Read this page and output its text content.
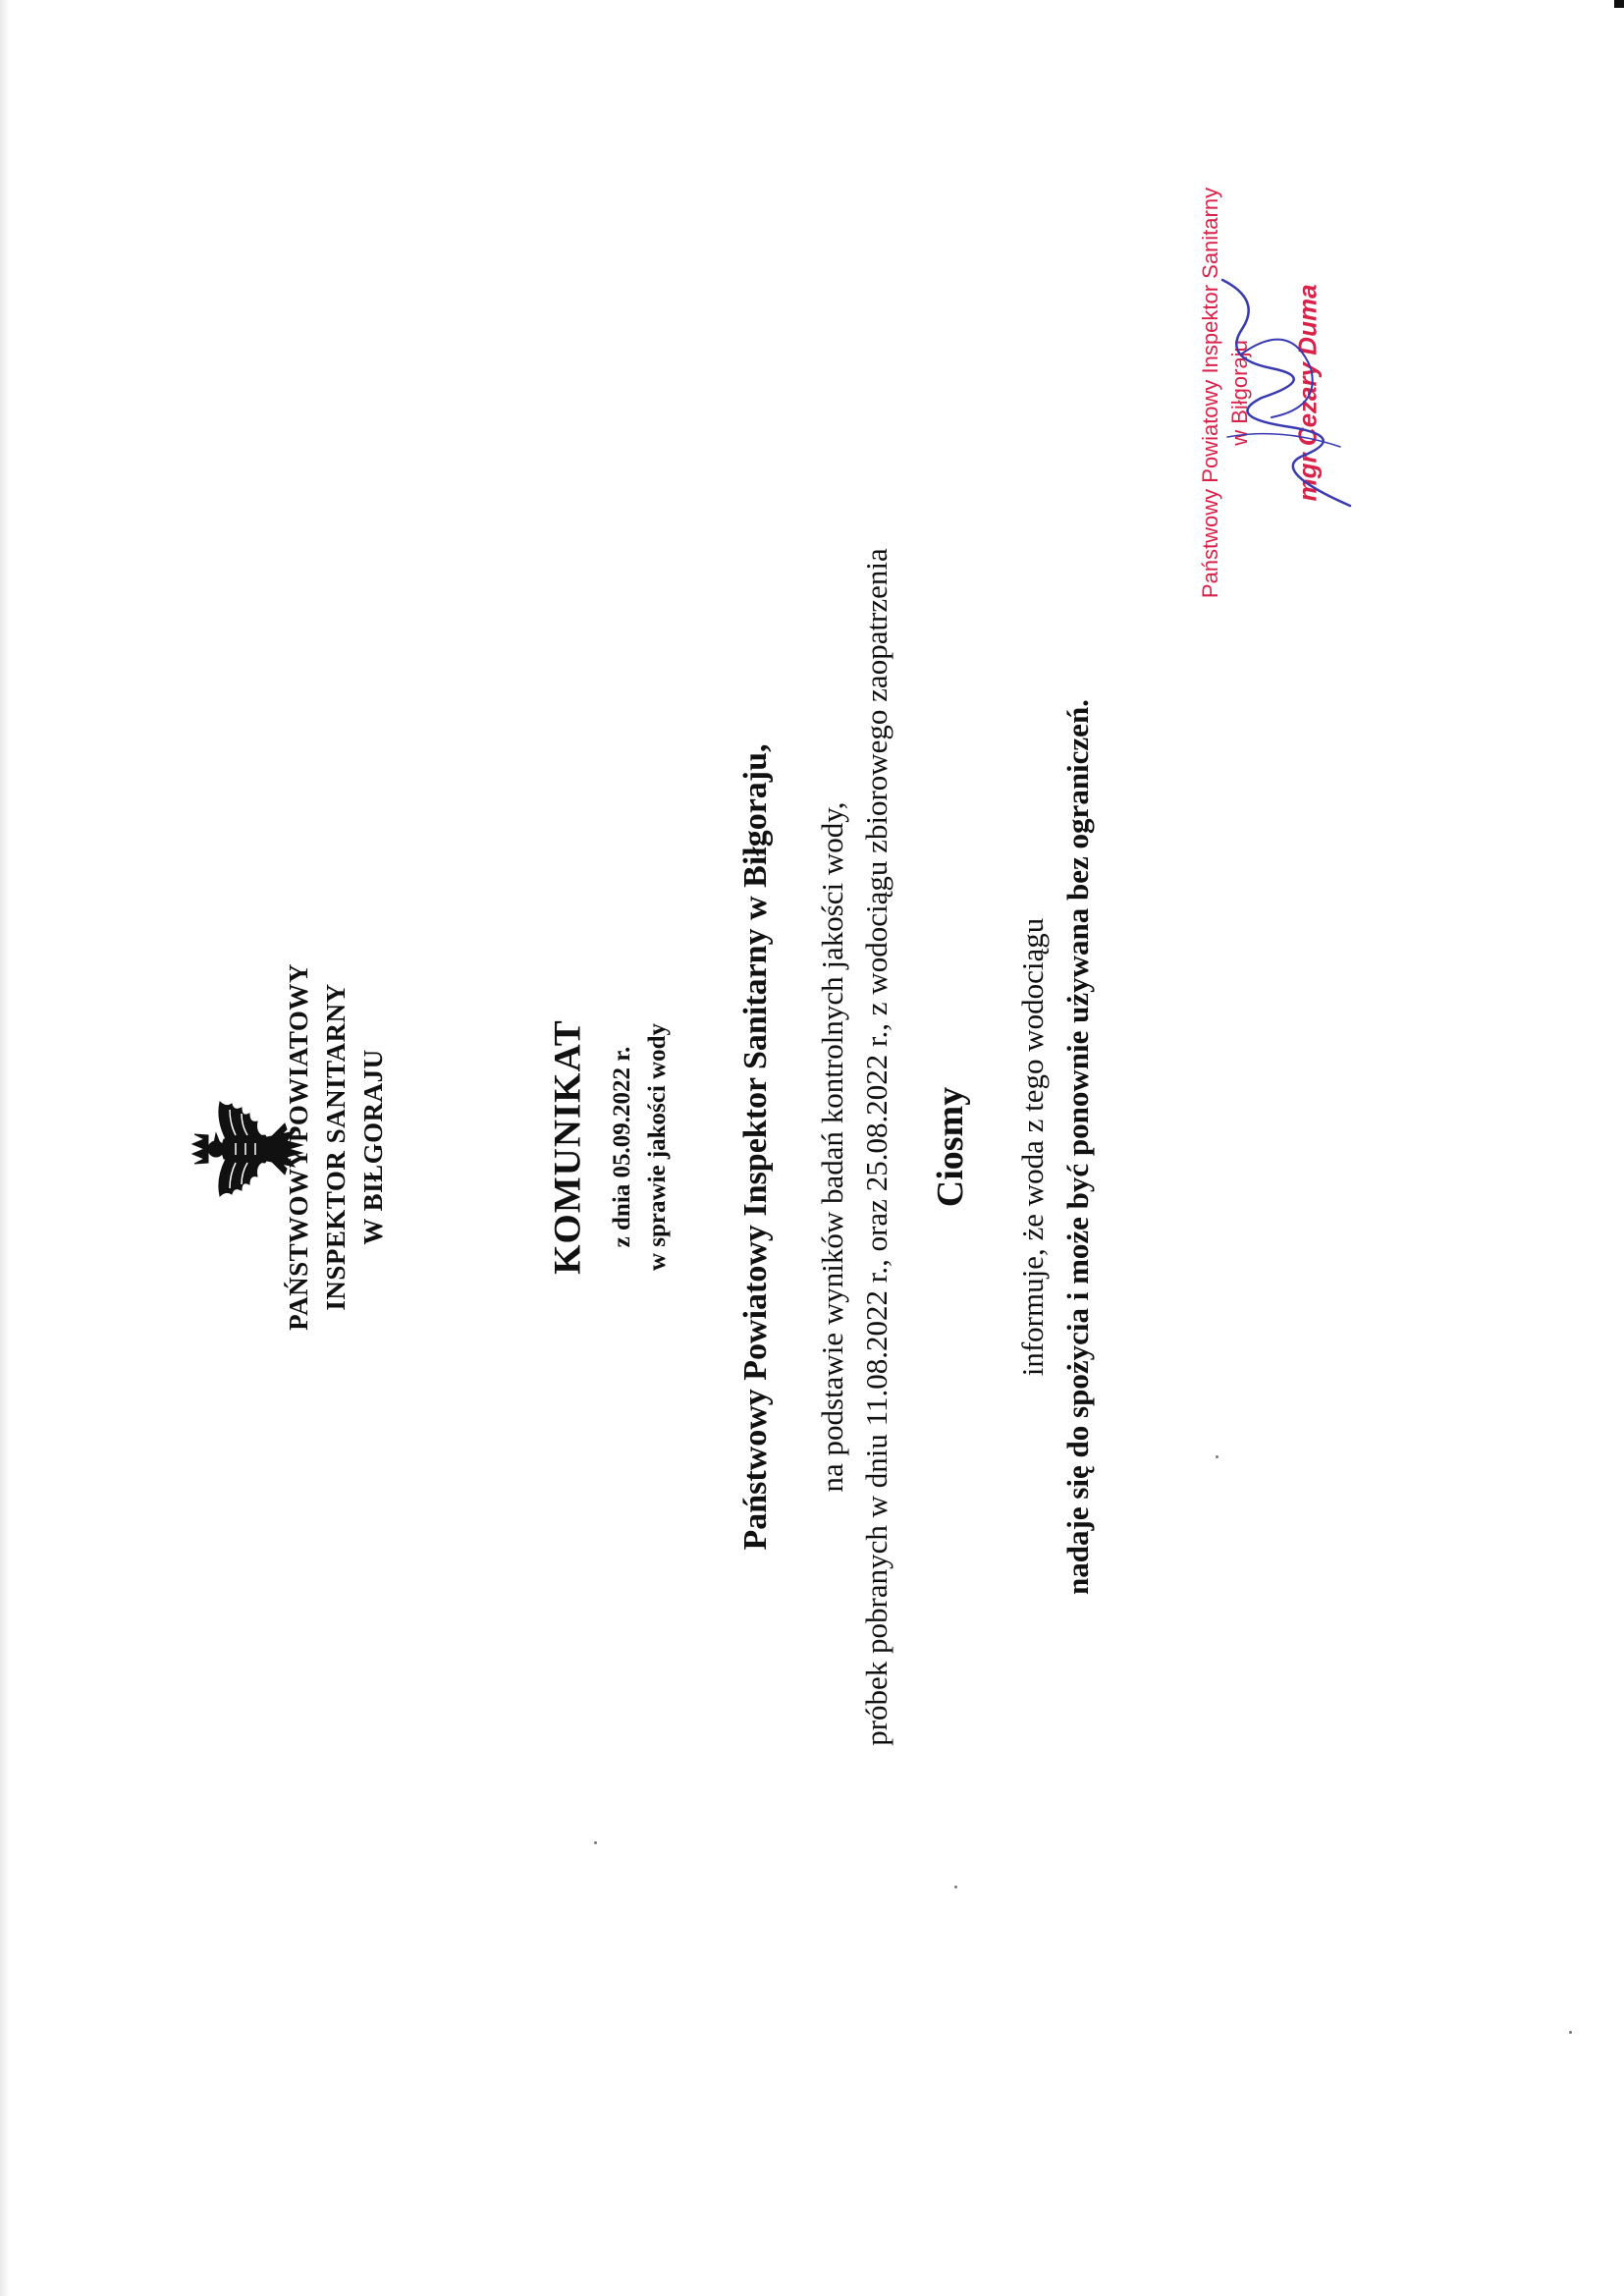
PAŃSTWOWY POWIATOWY INSPEKTOR SANITARNY W BIŁGORAJU	KOMUNIKAT z dnia 05.09.2022 r. w sprawie jakości wody Państwowy Powiatowy Inspektor Sanitarny w Biłgoraju, na podstawie wyników badań kontrolnych jakości wody, próbek pobranych w dniu 11.08.2022 r., oraz 25.08.2022 r., z wodociągu zbiorowego zaopatrzenia Ciosmy informuje, że woda z tego wodociągu nadaje się do spożycia i może być ponownie używana bez ograniczeń.
Państwowy Powiatowy Inspektor Sanitarny w Biłgoraju mgr Cezary Duma
